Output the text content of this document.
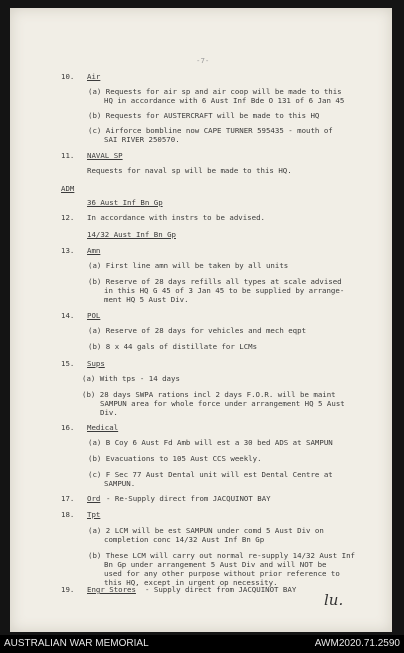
-7-
10. Air
(a) Requests for air sp and air coop will be made to this
HQ in accordance with 6 Aust Inf Bde O 131 of 6 Jan 45
(b) Requests for AUSTERCRAFT will be made to this HQ
(c) Airforce bombline now CAPE TURNER 595435 - mouth of
SAI RIVER 250570.
11. NAVAL SP
Requests for naval sp will be made to this HQ.
ADM
36 Aust Inf Bn Gp
12. In accordance with instrs to be advised.
14/32 Aust Inf Bn Gp
13. Amn
(a) First line amn will be taken by all units
(b) Reserve of 28 days refills all types at scale advised
in this HQ G 45 of 3 Jan 45 to be supplied by arrange-
ment HQ 5 Aust Div.
14. POL
(a) Reserve of 28 days for vehicles and mech eqpt
(b) 8 x 44 gals of distillate for LCMs
15. Sups
(a) With tps - 14 days
(b) 28 days SWPA rations incl 2 days F.O.R. will be maint
SAMPUN area for whole force under arrangement HQ 5 Aust
Div.
16. Medical
(a) B Coy 6 Aust Fd Amb will est a 30 bed ADS at SAMPUN
(b) Evacuations to 105 Aust CCS weekly.
(c) F Sec 77 Aust Dental unit will est Dental Centre at
SAMPUN.
17. Ord - Re-Supply direct from JACQUINOT BAY
18. Tpt
(a) 2 LCM will be est SAMPUN under comd 5 Aust Div on
completion conc 14/32 Aust Inf Bn Gp
(b) These LCM will carry out normal re-supply 14/32 Aust Inf
Bn Gp under arrangement 5 Aust Div and will NOT be
used for any other purpose without prior reference to
this HQ, except in urgent op necessity.
19. Engr Stores - Supply direct from JACQUINOT BAY
lu.
AUSTRALIAN WAR MEMORIAL	AWM2020.71.2590
